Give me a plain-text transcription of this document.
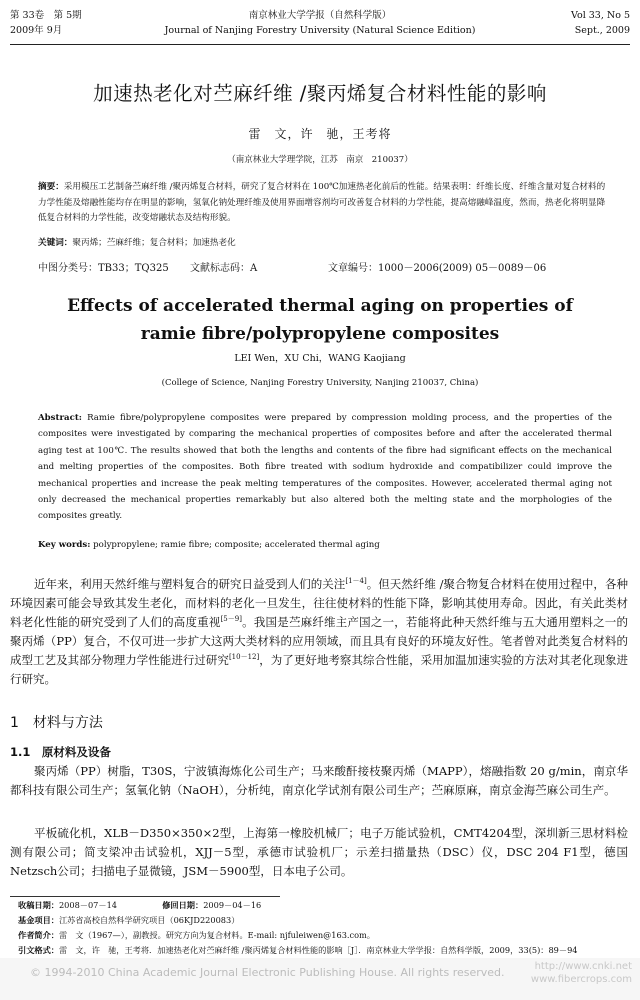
第 33卷　第 5期
2009年 9月
南京林业大学学报（自然科学版）
Journal of Nanjing Forestry University (Natural Science Edition)
Vol 33, No 5
Sept., 2009
加速热老化对苎麻纤维 /聚丙烯复合材料性能的影响
雷　文，许　驰，王考将
（南京林业大学理学院，江苏　南京　210037）
摘要：采用模压工艺制备苎麻纤维 /聚丙烯复合材料，研究了复合材料在 100℃加速热老化前后的性能。结果表明：纤维长度、纤维含量对复合材料的力学性能及熔融性能均存在明显的影响，氢氧化钠处理纤维及使用界面增容剂均可改善复合材料的力学性能，提高熔融峰温度，然而，热老化将明显降低复合材料的力学性能，改变熔融状态及结构形貌。
关键词：聚丙烯；苎麻纤维；复合材料；加速热老化
中图分类号：TB33；TQ325 文献标志码：A	文章编号：1000－2006(2009) 05－0089－06
Effects of accelerated thermal aging on properties of ramie fibre/polypropylene composites
LEI Wen，XU Chi，WANG Kaojiang
(College of Science, Nanjing Forestry University, Nanjing 210037, China)
Abstract: Ramie fibre/polypropylene composites were prepared by compression molding process, and the properties of the composites were investigated by comparing the mechanical properties of composites before and after the accelerated thermal aging test at 100℃. The results showed that both the lengths and contents of the fibre had significant effects on the mechanical and melting properties of the composites. Both fibre treated with sodium hydroxide and compatibilizer could improve the mechanical properties and increase the peak melting temperatures of the composites. However, accelerated thermal aging not only decreased the mechanical properties remarkably but also altered both the melting state and the morphologies of the composites greatly.
Key words: polypropylene; ramie fibre; composite; accelerated thermal aging
近年来，利用天然纤维与塑料复合的研究日益受到人们的关注[1－4]。但天然纤维 /聚合物复合材料在使用过程中，各种环境因素可能会导致其发生老化，而材料的老化一旦发生，往往使材料的性能下降，影响其使用寿命。因此，有关此类材料老化性能的研究受到了人们的高度重视[5－9]。我国是苎麻纤维主产国之一，若能将此种天然纤维与五大通用塑料之一的聚丙烯（PP）复合，不仅可进一步扩大这两大类材料的应用领域，而且具有良好的环境友好性。笔者曾对此类复合材料的成型工艺及其部分物理力学性能进行过研究[10－12]，为了更好地考察其综合性能，采用加温加速实验的方法对其老化现象进行研究。
1　材料与方法
1.1　原材料及设备
聚丙烯（PP）树脂，T30S，宁波镇海炼化公司生产；马来酸酐接枝聚丙烯（MAPP），熔融指数 20 g/min，南京华都科技有限公司生产；氢氧化钠（NaOH），分析纯，南京化学试剂有限公司生产；苎麻原麻，南京金海苎麻公司生产。
平板硫化机，XLB－D350×350×2型，上海第一橡胶机械厂；电子万能试验机，CMT4204型，深圳新三思材料检测有限公司；简支梁冲击试验机，XJJ－5型，承德市试验机厂；示差扫描量热（DSC）仪，DSC 204 F1型，德国 Netzsch公司；扫描电子显微镜，JSM－5900型，日本电子公司。
收稿日期：2008－07－14	修回日期：2009－04－16
基金项目：江苏省高校自然科学研究项目（06KJD220083）
作者简介：雷　文（1967—），副教授。研究方向为复合材料。E-mail: njfuleiwen@163.com。
引文格式：雷　文，许　驰，王考将．加速热老化对苎麻纤维 /聚丙烯复合材料性能的影响［J］．南京林业大学学报：自然科学版，2009，33(5)：89－94
© 1994-2010 China Academic Journal Electronic Publishing House. All rights reserved.	http://www.cnki.net
www.fibercrops.com
